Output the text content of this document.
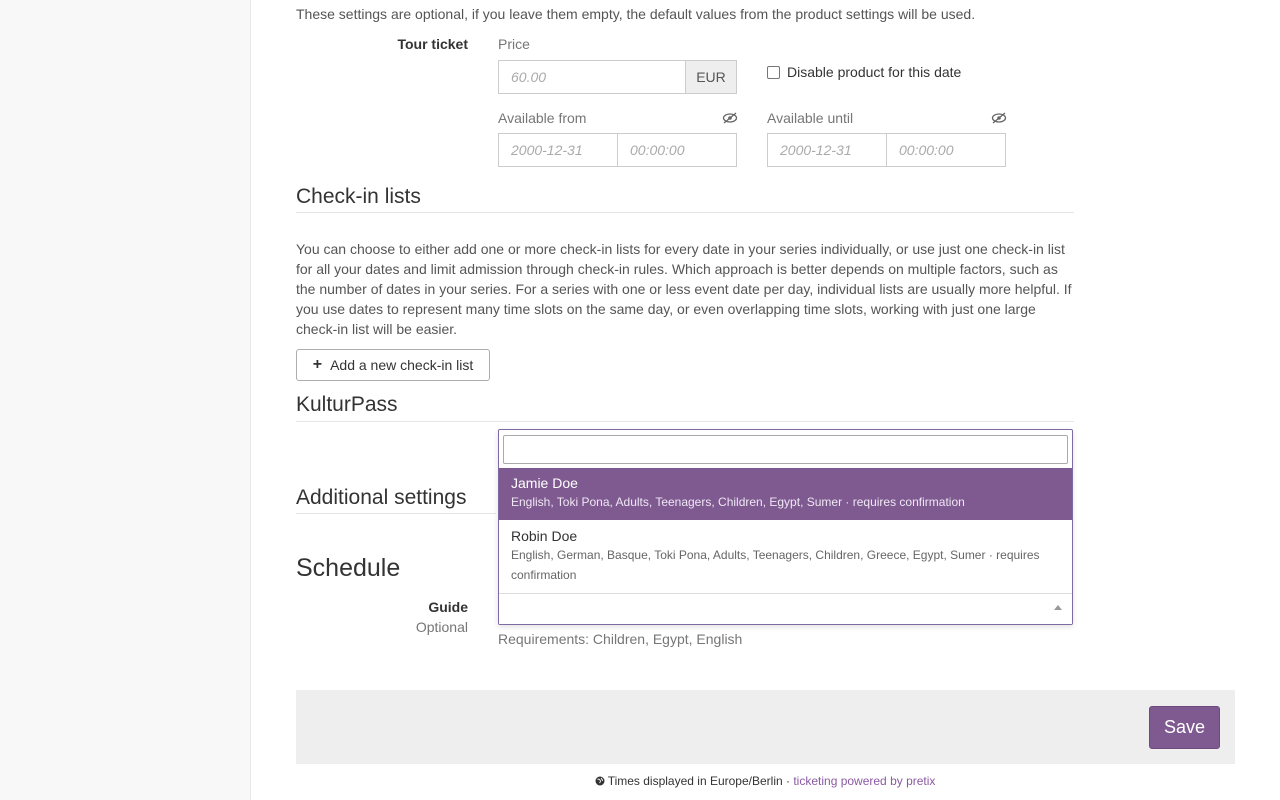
These settings are optional, if you leave them empty, the default values from the product settings will be used.
Tour ticket Price
60.00	EUR	Disable product for this date
Available from
2000-12-31	00:00:00
Available until
2000-12-31	00:00:00
Check-in lists
You can choose to either add one or more check-in lists for every date in your series individually, or use just one check-in list for all your dates and limit admission through check-in rules. Which approach is better depends on multiple factors, such as the number of dates in your series. For a series with one or less event date per day, individual lists are usually more helpful. If you use dates to represent many time slots on the same day, or even overlapping time slots, working with just one large check-in list will be easier.
+ Add a new check-in list
KulturPass
Additional settings
Schedule
Guide
Optional
Requirements: Children, Egypt, English
Jamie Doe
English, Toki Pona, Adults, Teenagers, Children, Egypt, Sumer · requires confirmation
Robin Doe
English, German, Basque, Toki Pona, Adults, Teenagers, Children, Greece, Egypt, Sumer · requires confirmation
Save
Times displayed in Europe/Berlin · ticketing powered by pretix
